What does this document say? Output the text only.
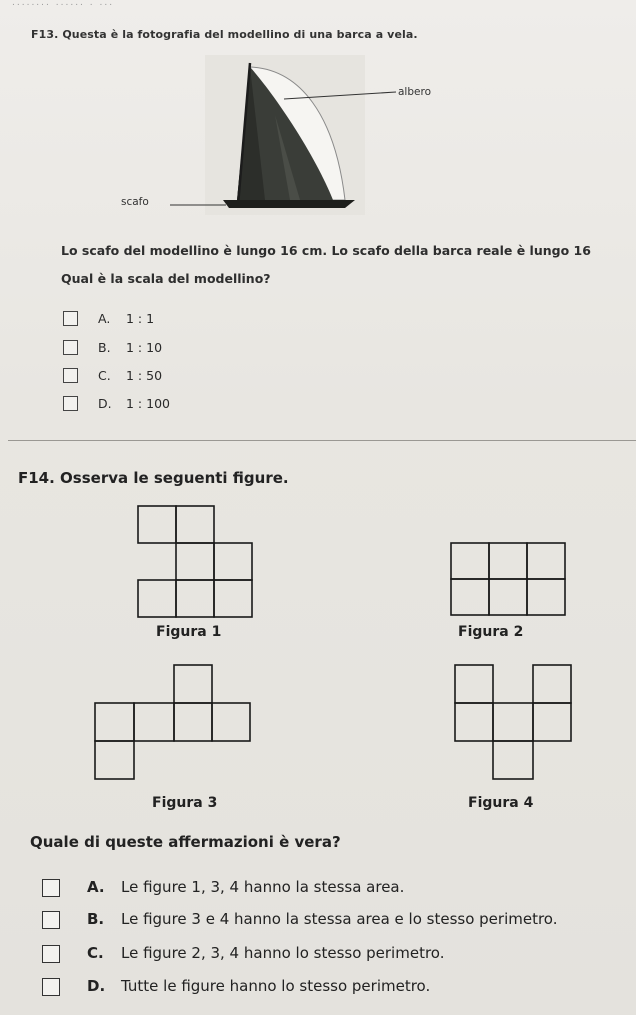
........ ...... . ...
F13. Questa è la fotografia del modellino di una barca a vela.
albero
scafo
Lo scafo del modellino è lungo 16 cm. Lo scafo della barca reale è lungo 16
Qual è la scala del modellino?
A. 1 : 1
B. 1 : 10
C. 1 : 50
D. 1 : 100
F14. Osserva le seguenti figure.
Figura 1	Figura 2
Figura 3	Figura 4
Quale di queste affermazioni è vera?
A. Le figure 1, 3, 4 hanno la stessa area.
B. Le figure 3 e 4 hanno la stessa area e lo stesso perimetro.
C. Le figure 2, 3, 4 hanno lo stesso perimetro.
D. Tutte le figure hanno lo stesso perimetro.
